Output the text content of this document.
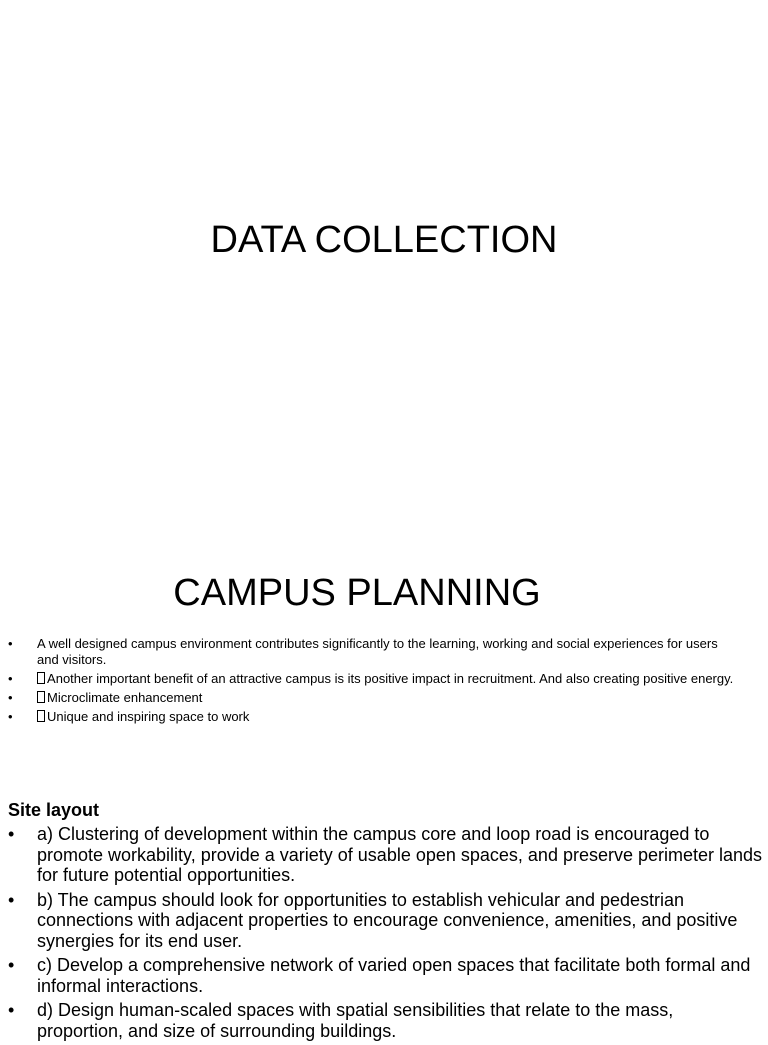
DATA COLLECTION
CAMPUS PLANNING
• A well designed campus environment contributes significantly to the learning, working and social experiences for users and visitors.
•	Another important benefit of an attractive campus is its positive impact in recruitment. And also creating positive energy.
•	Microclimate enhancement
•	Unique and inspiring space to work
Site layout
• a) Clustering of development within the campus core and loop road is encouraged to promote workability, provide a variety of usable open spaces, and preserve perimeter lands for future potential opportunities.
• b) The campus should look for opportunities to establish vehicular and pedestrian connections with adjacent properties to encourage convenience, amenities, and positive synergies for its end user.
• c) Develop a comprehensive network of varied open spaces that facilitate both formal and informal interactions.
• d) Design human-scaled spaces with spatial sensibilities that relate to the mass, proportion, and size of surrounding buildings.
